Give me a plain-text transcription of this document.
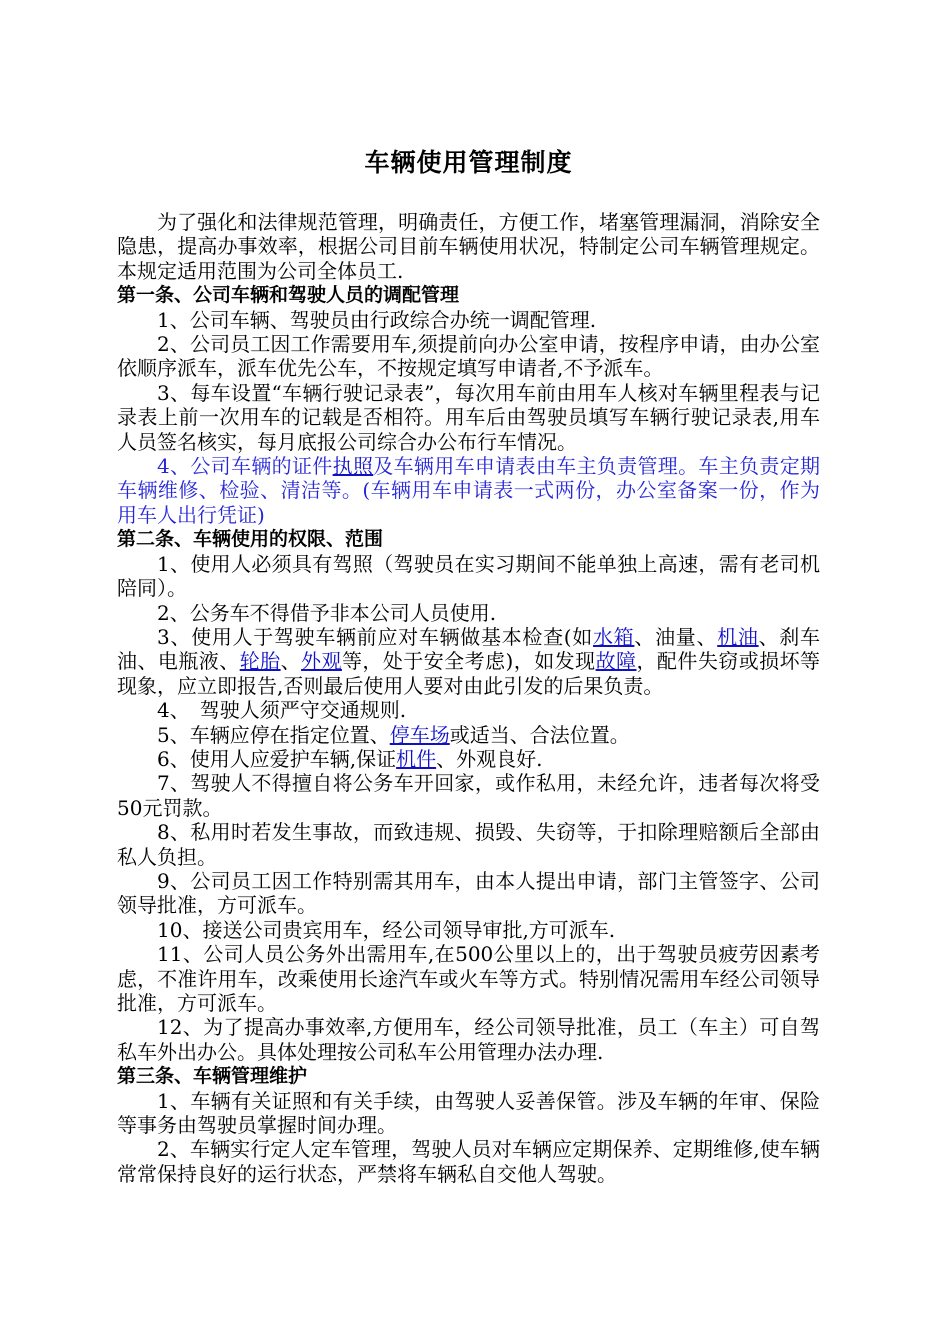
车辆使用管理制度

为了强化和法律规范管理，明确责任，方便工作，堵塞管理漏洞，消除安全隐患，提高办事效率，根据公司目前车辆使用状况，特制定公司车辆管理规定。本规定适用范围为公司全体员工.

第一条、公司车辆和驾驶人员的调配管理

1、公司车辆、驾驶员由行政综合办统一调配管理.

2、公司员工因工作需要用车,须提前向办公室申请，按程序申请，由办公室依顺序派车，派车优先公车，不按规定填写申请者,不予派车。

3、每车设置“车辆行驶记录表”，每次用车前由用车人核对车辆里程表与记录表上前一次用车的记载是否相符。用车后由驾驶员填写车辆行驶记录表,用车人员签名核实，每月底报公司综合办公布行车情况。

4、公司车辆的证件执照及车辆用车申请表由车主负责管理。车主负责定期车辆维修、检验、清洁等。(车辆用车申请表一式两份，办公室备案一份，作为用车人出行凭证)

第二条、车辆使用的权限、范围

1、使用人必须具有驾照（驾驶员在实习期间不能单独上高速，需有老司机陪同）。

2、公务车不得借予非本公司人员使用.

3、使用人于驾驶车辆前应对车辆做基本检查(如水箱、油量、机油、刹车油、电瓶液、轮胎、外观等，处于安全考虑)，如发现故障，配件失窃或损坏等现象，应立即报告,否则最后使用人要对由此引发的后果负责。

4、　驾驶人须严守交通规则.

5、车辆应停在指定位置、停车场或适当、合法位置。

6、使用人应爱护车辆,保证机件、外观良好.

7、驾驶人不得擅自将公务车开回家，或作私用，未经允许，违者每次将受50元罚款。

8、私用时若发生事故，而致违规、损毁、失窃等，于扣除理赔额后全部由私人负担。

9、公司员工因工作特别需其用车，由本人提出申请，部门主管签字、公司领导批准，方可派车。

10、接送公司贵宾用车，经公司领导审批,方可派车.

11、公司人员公务外出需用车,在500公里以上的，出于驾驶员疲劳因素考虑，不准许用车，改乘使用长途汽车或火车等方式。特别情况需用车经公司领导批准，方可派车。

12、为了提高办事效率,方便用车，经公司领导批准，员工（车主）可自驾私车外出办公。具体处理按公司私车公用管理办法办理.

第三条、车辆管理维护

1、车辆有关证照和有关手续，由驾驶人妥善保管。涉及车辆的年审、保险等事务由驾驶员掌握时间办理。

2、车辆实行定人定车管理，驾驶人员对车辆应定期保养、定期维修,使车辆常常保持良好的运行状态，严禁将车辆私自交他人驾驶。
